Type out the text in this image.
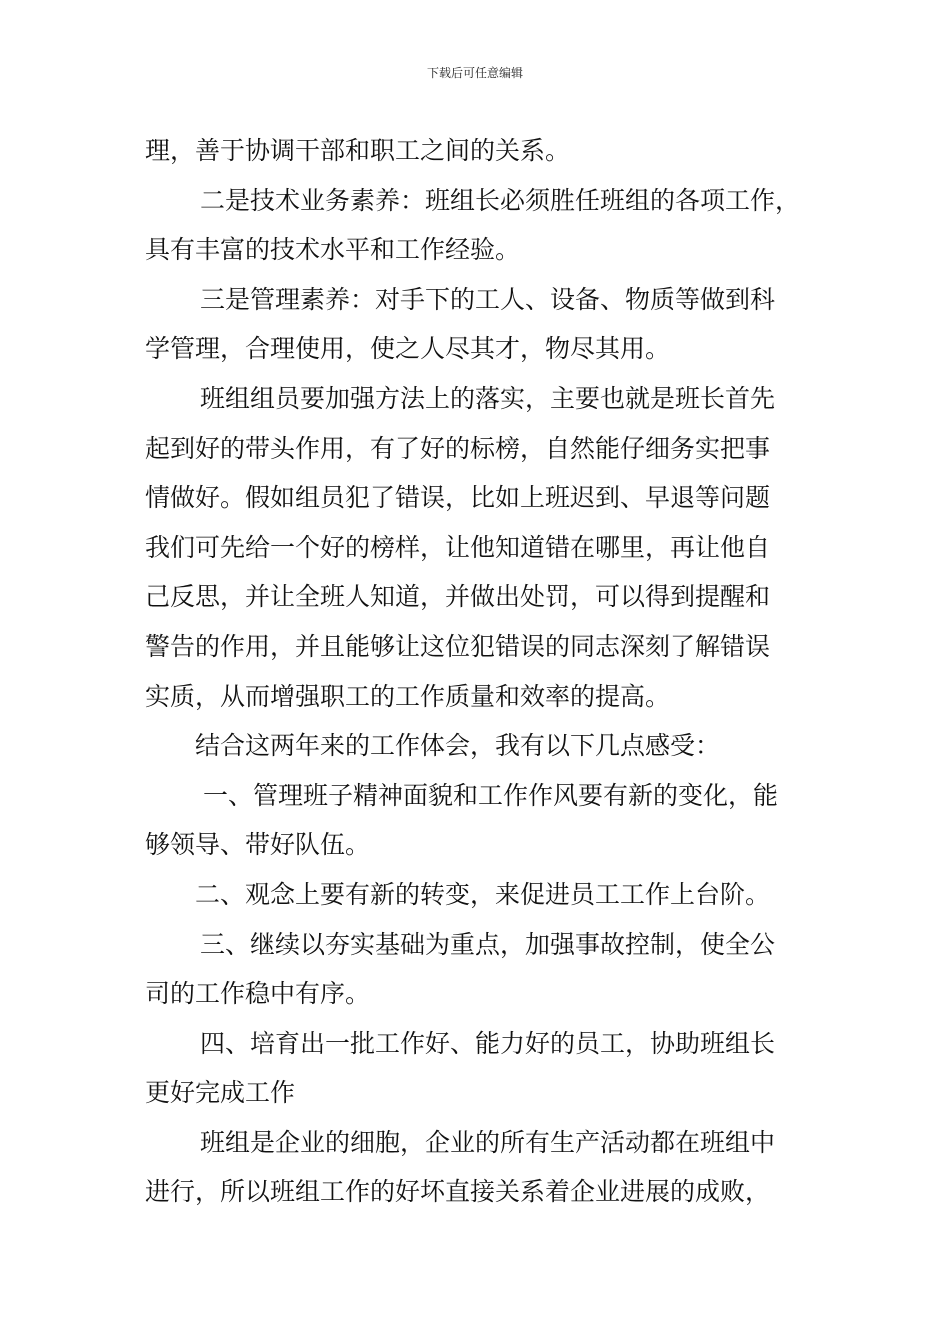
下载后可任意编辑
理，善于协调干部和职工之间的关系。
二是技术业务素养：班组长必须胜任班组的各项工作，
具有丰富的技术水平和工作经验。
三是管理素养：对手下的工人、设备、物质等做到科
学管理，合理使用，使之人尽其才，物尽其用。
班组组员要加强方法上的落实，主要也就是班长首先
起到好的带头作用，有了好的标榜，自然能仔细务实把事
情做好。假如组员犯了错误，比如上班迟到、早退等问题
我们可先给一个好的榜样，让他知道错在哪里，再让他自
己反思，并让全班人知道，并做出处罚，可以得到提醒和
警告的作用，并且能够让这位犯错误的同志深刻了解错误
实质，从而增强职工的工作质量和效率的提高。
结合这两年来的工作体会，我有以下几点感受：
一、管理班子精神面貌和工作作风要有新的变化，能
够领导、带好队伍。
二、观念上要有新的转变，来促进员工工作上台阶。
三、继续以夯实基础为重点，加强事故控制，使全公
司的工作稳中有序。
四、培育出一批工作好、能力好的员工，协助班组长
更好完成工作
班组是企业的细胞，企业的所有生产活动都在班组中
进行，所以班组工作的好坏直接关系着企业进展的成败，
